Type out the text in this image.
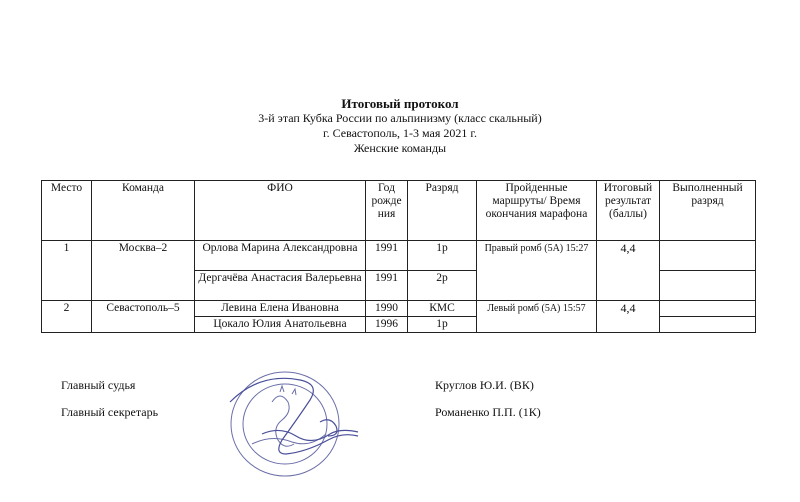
Итоговый протокол
3-й этап Кубка России по альпинизму (класс скальный)
г. Севастополь, 1-3 мая 2021 г.
Женские команды
Место	Команда	ФИО	Год рожде ния	Разряд	Пройденные маршруты/ Время окончания марафона	Итоговый результат (баллы)	Выполненный разряд
1	Москва–2	Орлова Марина Александровна	1991	1р	Правый ромб (5А) 15:27	4,4	
		Дергачёва Анастасия Валерьевна	1991	2р			
2	Севастополь–5	Левина Елена Ивановна	1990	КМС	Левый ромб (5А) 15:57	4,4	
		Цокало Юлия Анатольевна	1996	1р			
Главный судья	Круглов Ю.И. (ВК)
Главный секретарь	Романенко П.П. (1К)
